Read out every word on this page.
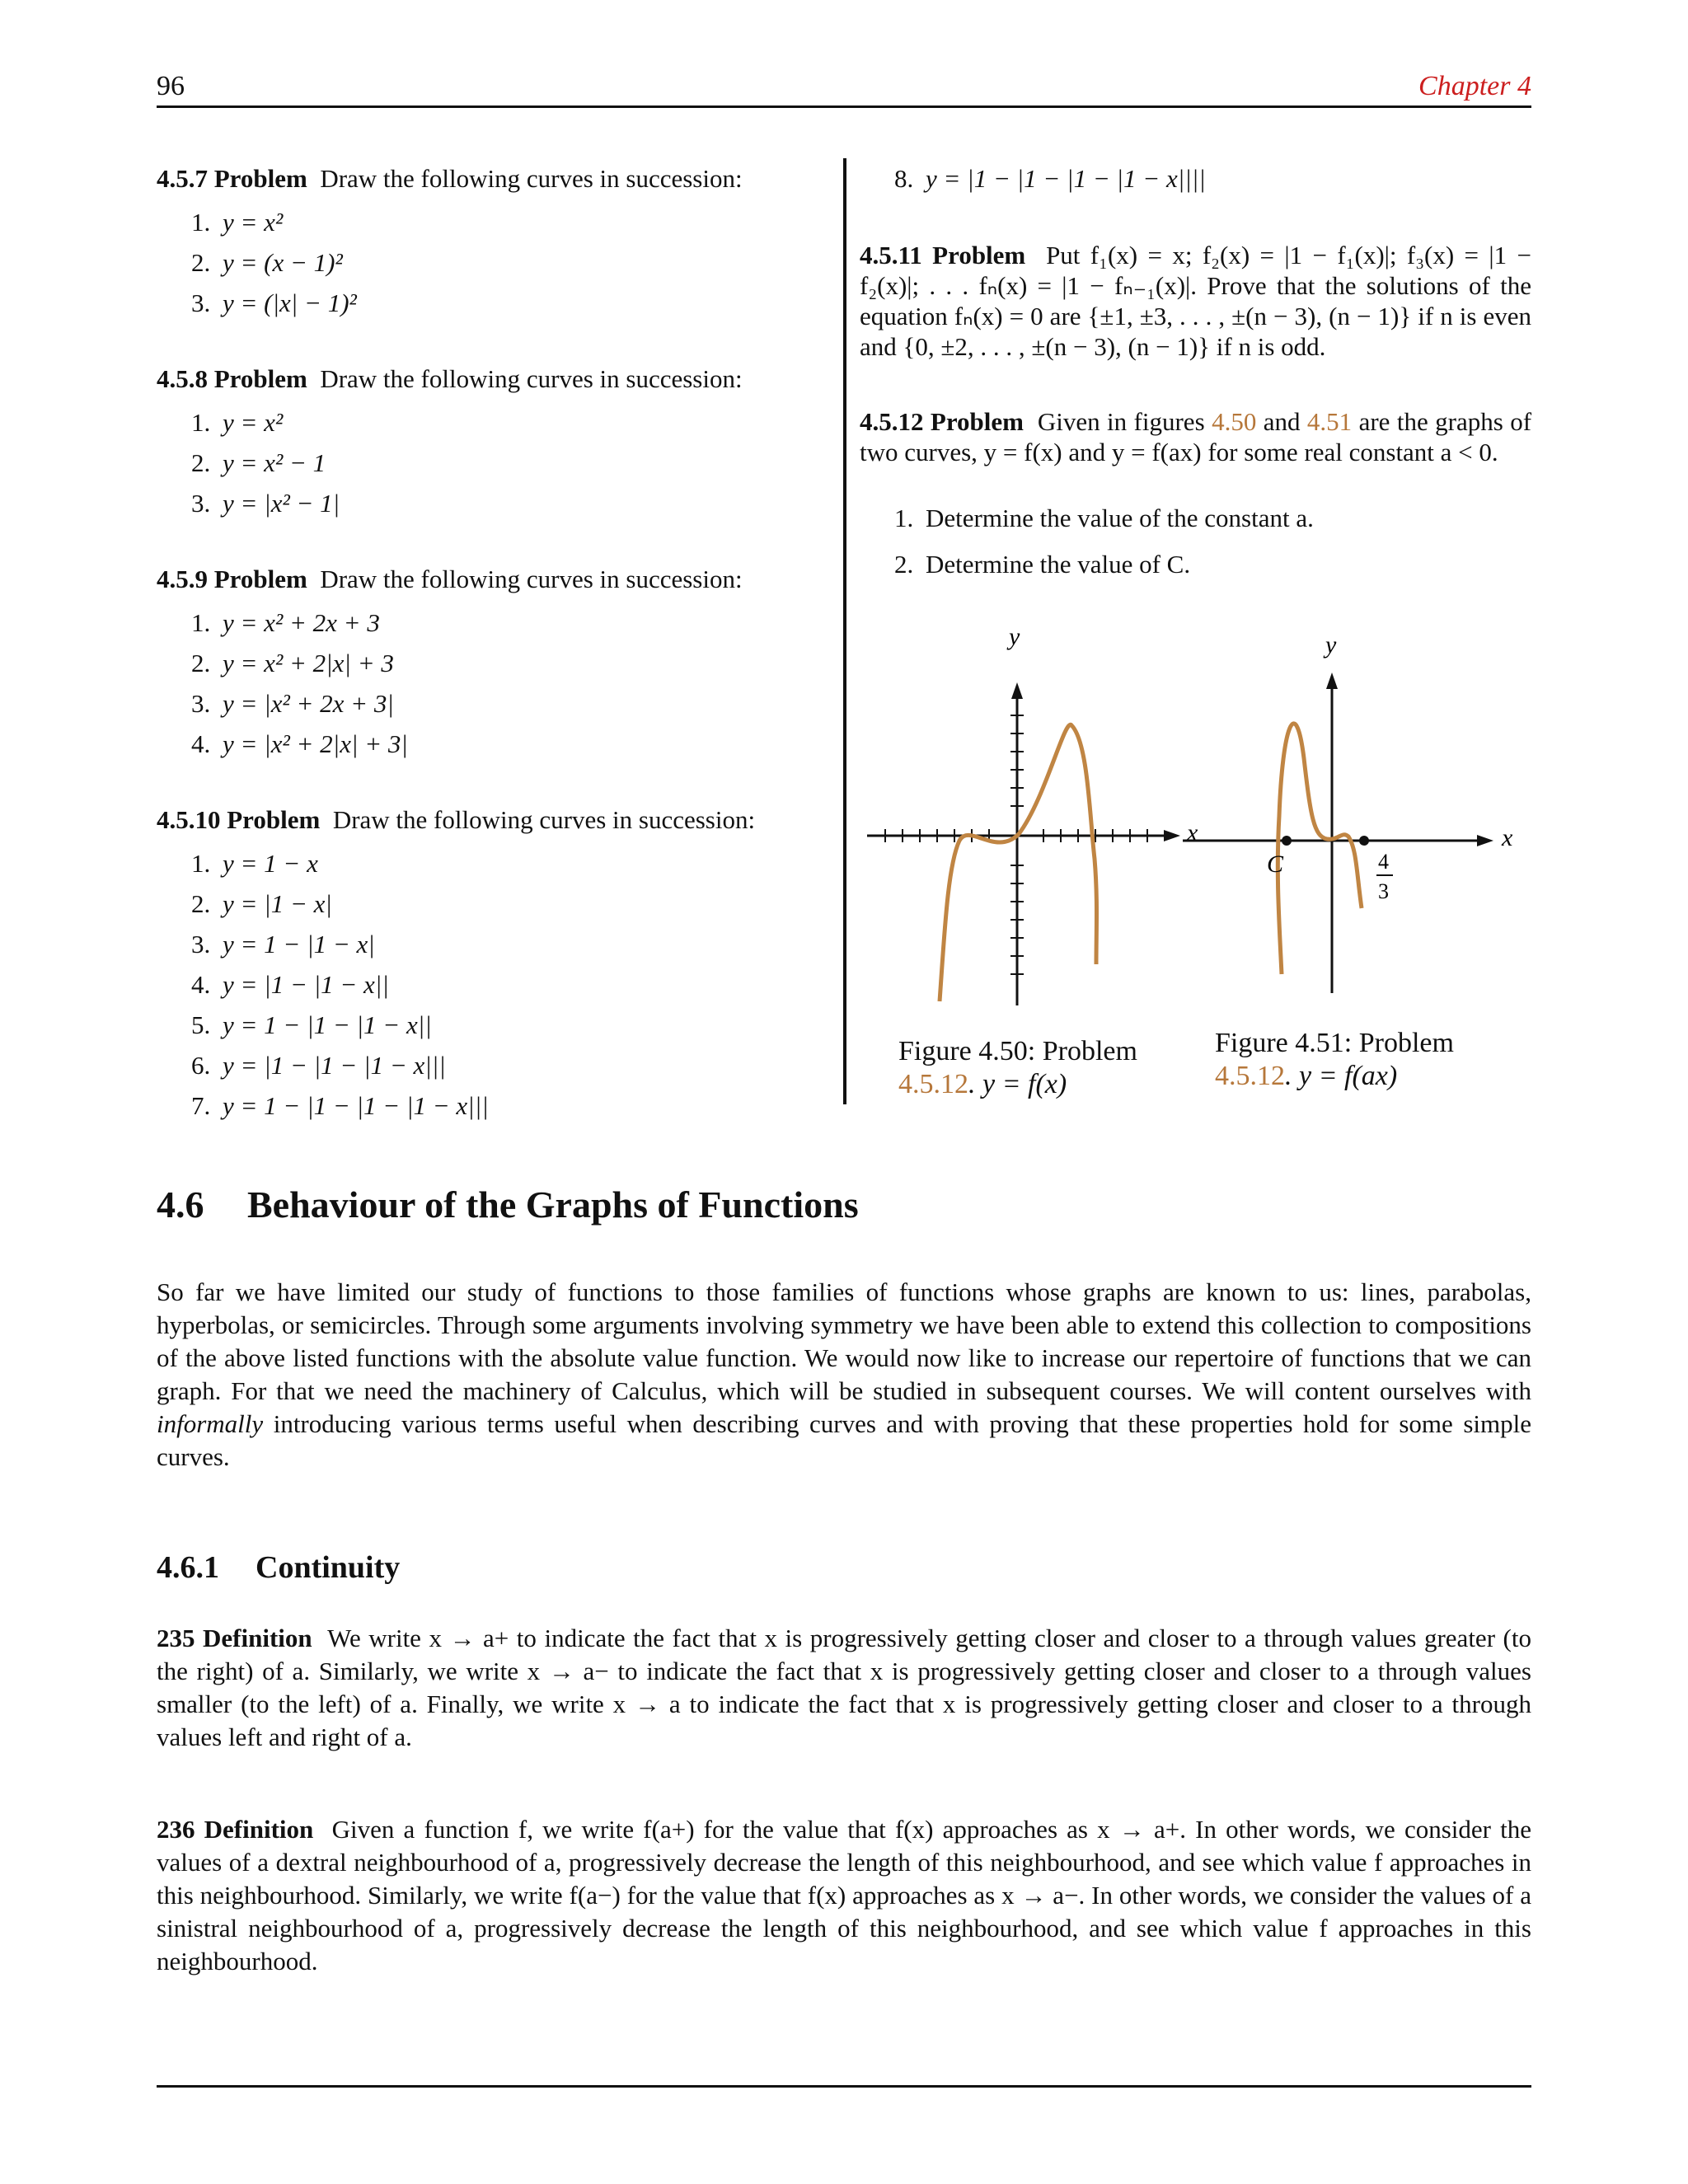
96	Chapter 4

4.5.7 Problem Draw the following curves in succession:

1. y = x²
2. y = (x − 1)²
3. y = (|x| − 1)²

4.5.8 Problem Draw the following curves in succession:

1. y = x²
2. y = x² − 1
3. y = |x² − 1|

4.5.9 Problem Draw the following curves in succession:

1. y = x² + 2x + 3
2. y = x² + 2|x| + 3
3. y = |x² + 2x + 3|
4. y = |x² + 2|x| + 3|

4.5.10 Problem Draw the following curves in succession:

1. y = 1 − x
2. y = |1 − x|
3. y = 1 − |1 − x|
4. y = |1 − |1 − x||
5. y = 1 − |1 − |1 − x||
6. y = |1 − |1 − |1 − x|||
7. y = 1 − |1 − |1 − |1 − x|||
8. y = |1 − |1 − |1 − |1 − x||||

4.5.11 Problem Put f₁(x) = x; f₂(x) = |1 − f₁(x)|; f₃(x) = |1 − f₂(x)|; . . . fₙ(x) = |1 − fₙ₋₁(x)|. Prove that the solutions of the equation fₙ(x) = 0 are {±1, ±3, . . . , ±(n − 3), (n − 1)} if n is even and {0, ±2, . . . , ±(n − 3), (n − 1)} if n is odd.

4.5.12 Problem Given in figures 4.50 and 4.51 are the graphs of two curves, y = f(x) and y = f(ax) for some real constant a < 0.

1. Determine the value of the constant a.
2. Determine the value of C.
y
x
y
x
C	4
3
Figure 4.50: Problem 4.5.12. y = f(x)
Figure 4.51: Problem 4.5.12. y = f(ax)
4.6 Behaviour of the Graphs of Functions
So far we have limited our study of functions to those families of functions whose graphs are known to us: lines, parabolas, hyperbolas, or semicircles. Through some arguments involving symmetry we have been able to extend this collection to compositions of the above listed functions with the absolute value function. We would now like to increase our repertoire of functions that we can graph. For that we need the machinery of Calculus, which will be studied in subsequent courses. We will content ourselves with informally introducing various terms useful when describing curves and with proving that these properties hold for some simple curves.
4.6.1 Continuity
235 Definition We write x → a+ to indicate the fact that x is progressively getting closer and closer to a through values greater (to the right) of a. Similarly, we write x → a− to indicate the fact that x is progressively getting closer and closer to a through values smaller (to the left) of a. Finally, we write x → a to indicate the fact that x is progressively getting closer and closer to a through values left and right of a.
236 Definition Given a function f, we write f(a+) for the value that f(x) approaches as x → a+. In other words, we consider the values of a dextral neighbourhood of a, progressively decrease the length of this neighbourhood, and see which value f approaches in this neighbourhood. Similarly, we write f(a−) for the value that f(x) approaches as x → a−. In other words, we consider the values of a sinistral neighbourhood of a, progressively decrease the length of this neighbourhood, and see which value f approaches in this neighbourhood.
